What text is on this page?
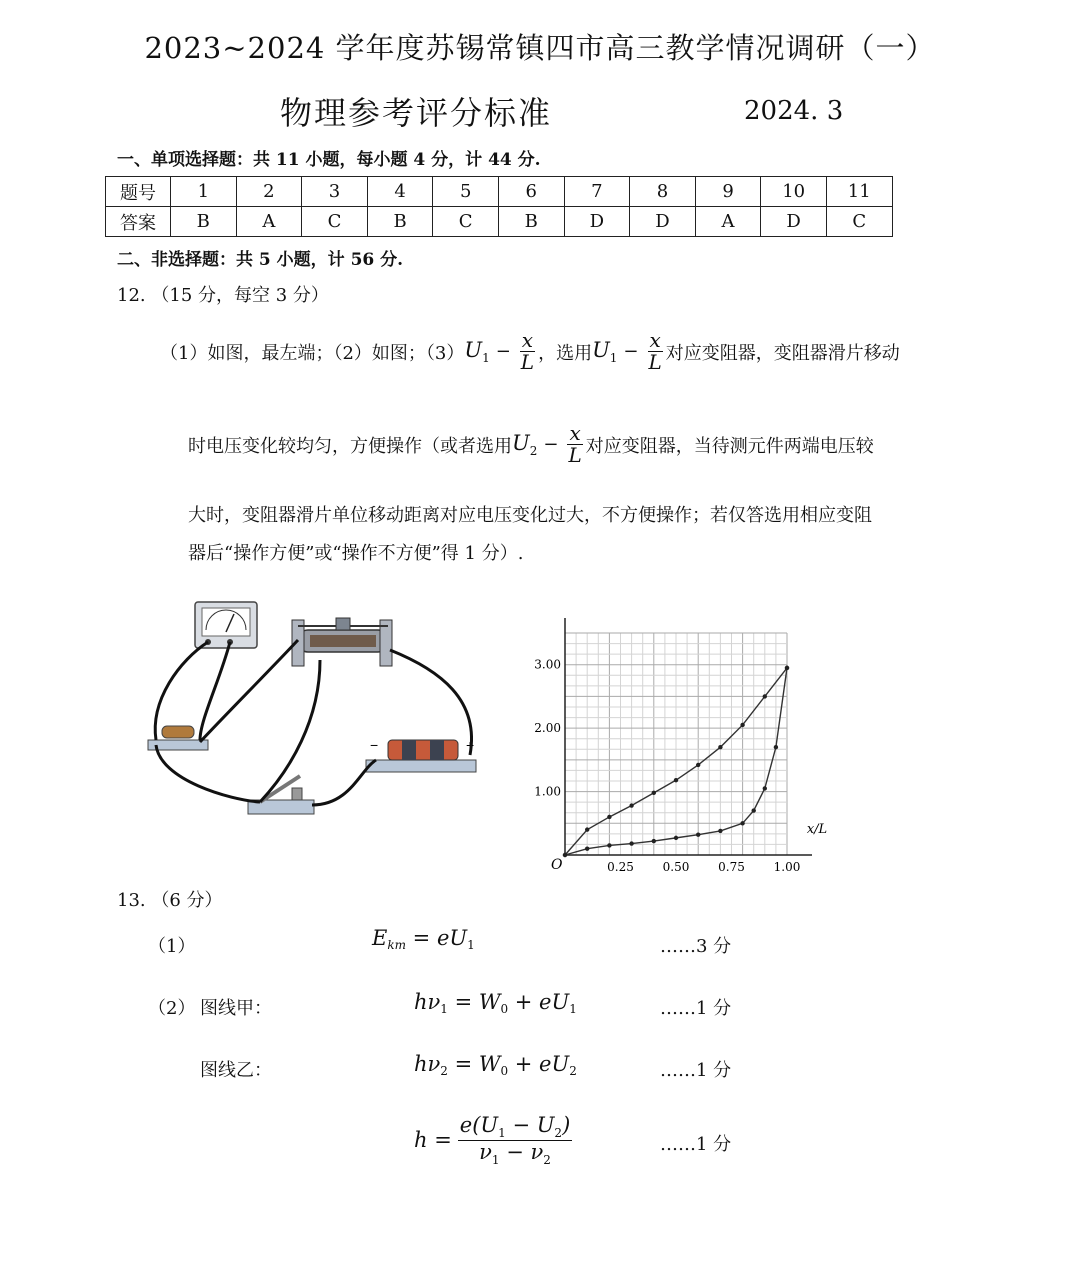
2023~2024 学年度苏锡常镇四市高三教学情况调研（一）
物理参考评分标准	2024. 3
一、单项选择题：共 11 小题，每小题 4 分，计 44 分.
题号	1	2	3	4	5	6	7	8	9	10	11
答案	B	A	C	B	C	B	D	D	A	D	C
二、非选择题：共 5 小题，计 56 分.
12. （15 分，每空 3 分）
（1）如图，最左端；（2）如图；（3） $U_1 - \frac{x}{L}$ ，选用 $U_1 - \frac{x}{L}$ 对应变阻器，变阻器滑片移动
时电压变化较均匀，方便操作（或者选用 $U_2 - \frac{x}{L}$ 对应变阻器，当待测元件两端电压较
大时，变阻器滑片单位移动距离对应电压变化过大，不方便操作；若仅答选用相应变阻
器后“操作方便”或“操作不方便”得 1 分）.
−	+
0.25 0.50 0.75 1.00
1.00
2.00
3.00
O
x/L
13. （6 分）
（1）	$E_{km} = eU_1$	……3 分
（2） 图线甲：	$h\nu_1 = W_0 + eU_1$	……1 分
图线乙：	$h\nu_2 = W_0 + eU_2$	……1 分
$h = \frac{e(U_1 - U_2)}{\nu_1 - \nu_2}$	……1 分
